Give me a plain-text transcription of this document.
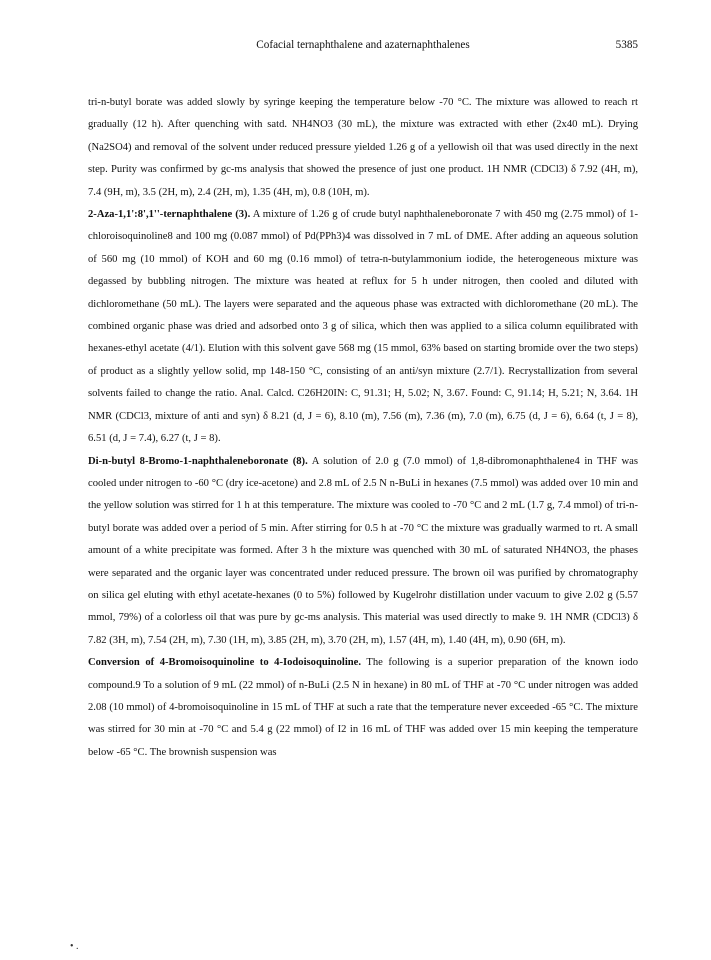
Cofacial ternaphthalene and azaternaphthalenes	5385

tri-n-butyl borate was added slowly by syringe keeping the temperature below -70 °C. The mixture was allowed to reach rt gradually (12 h). After quenching with satd. NH4NO3 (30 mL), the mixture was extracted with ether (2x40 mL). Drying (Na2SO4) and removal of the solvent under reduced pressure yielded 1.26 g of a yellowish oil that was used directly in the next step. Purity was confirmed by gc-ms analysis that showed the presence of just one product. 1H NMR (CDCl3) δ 7.92 (4H, m), 7.4 (9H, m), 3.5 (2H, m), 2.4 (2H, m), 1.35 (4H, m), 0.8 (10H, m).

2-Aza-1,1':8',1''-ternaphthalene (3). A mixture of 1.26 g of crude butyl naphthaleneboronate 7 with 450 mg (2.75 mmol) of 1-chloroisoquinoline8 and 100 mg (0.087 mmol) of Pd(PPh3)4 was dissolved in 7 mL of DME. After adding an aqueous solution of 560 mg (10 mmol) of KOH and 60 mg (0.16 mmol) of tetra-n-butylammonium iodide, the heterogeneous mixture was degassed by bubbling nitrogen. The mixture was heated at reflux for 5 h under nitrogen, then cooled and diluted with dichloromethane (50 mL). The layers were separated and the aqueous phase was extracted with dichloromethane (20 mL). The combined organic phase was dried and adsorbed onto 3 g of silica, which then was applied to a silica column equilibrated with hexanes-ethyl acetate (4/1). Elution with this solvent gave 568 mg (15 mmol, 63% based on starting bromide over the two steps) of product as a slightly yellow solid, mp 148-150 °C, consisting of an anti/syn mixture (2.7/1). Recrystallization from several solvents failed to change the ratio. Anal. Calcd. C26H20IN: C, 91.31; H, 5.02; N, 3.67. Found: C, 91.14; H, 5.21; N, 3.64. 1H NMR (CDCl3, mixture of anti and syn) δ 8.21 (d, J = 6), 8.10 (m), 7.56 (m), 7.36 (m), 7.0 (m), 6.75 (d, J = 6), 6.64 (t, J = 8), 6.51 (d, J = 7.4), 6.27 (t, J = 8).

Di-n-butyl 8-Bromo-1-naphthaleneboronate (8). A solution of 2.0 g (7.0 mmol) of 1,8-dibromonaphthalene4 in THF was cooled under nitrogen to -60 °C (dry ice-acetone) and 2.8 mL of 2.5 N n-BuLi in hexanes (7.5 mmol) was added over 10 min and the yellow solution was stirred for 1 h at this temperature. The mixture was cooled to -70 °C and 2 mL (1.7 g, 7.4 mmol) of tri-n-butyl borate was added over a period of 5 min. After stirring for 0.5 h at -70 °C the mixture was gradually warmed to rt. A small amount of a white precipitate was formed. After 3 h the mixture was quenched with 30 mL of saturated NH4NO3, the phases were separated and the organic layer was concentrated under reduced pressure. The brown oil was purified by chromatography on silica gel eluting with ethyl acetate-hexanes (0 to 5%) followed by Kugelrohr distillation under vacuum to give 2.02 g (5.57 mmol, 79%) of a colorless oil that was pure by gc-ms analysis. This material was used directly to make 9. 1H NMR (CDCl3) δ 7.82 (3H, m), 7.54 (2H, m), 7.30 (1H, m), 3.85 (2H, m), 3.70 (2H, m), 1.57 (4H, m), 1.40 (4H, m), 0.90 (6H, m).

Conversion of 4-Bromoisoquinoline to 4-Iodoisoquinoline. The following is a superior preparation of the known iodo compound.9 To a solution of 9 mL (22 mmol) of n-BuLi (2.5 N in hexane) in 80 mL of THF at -70 °C under nitrogen was added 2.08 (10 mmol) of 4-bromoisoquinoline in 15 mL of THF at such a rate that the temperature never exceeded -65 °C. The mixture was stirred for 30 min at -70 °C and 5.4 g (22 mmol) of I2 in 16 mL of THF was added over 15 min keeping the temperature below -65 °C. The brownish suspension was

• .
